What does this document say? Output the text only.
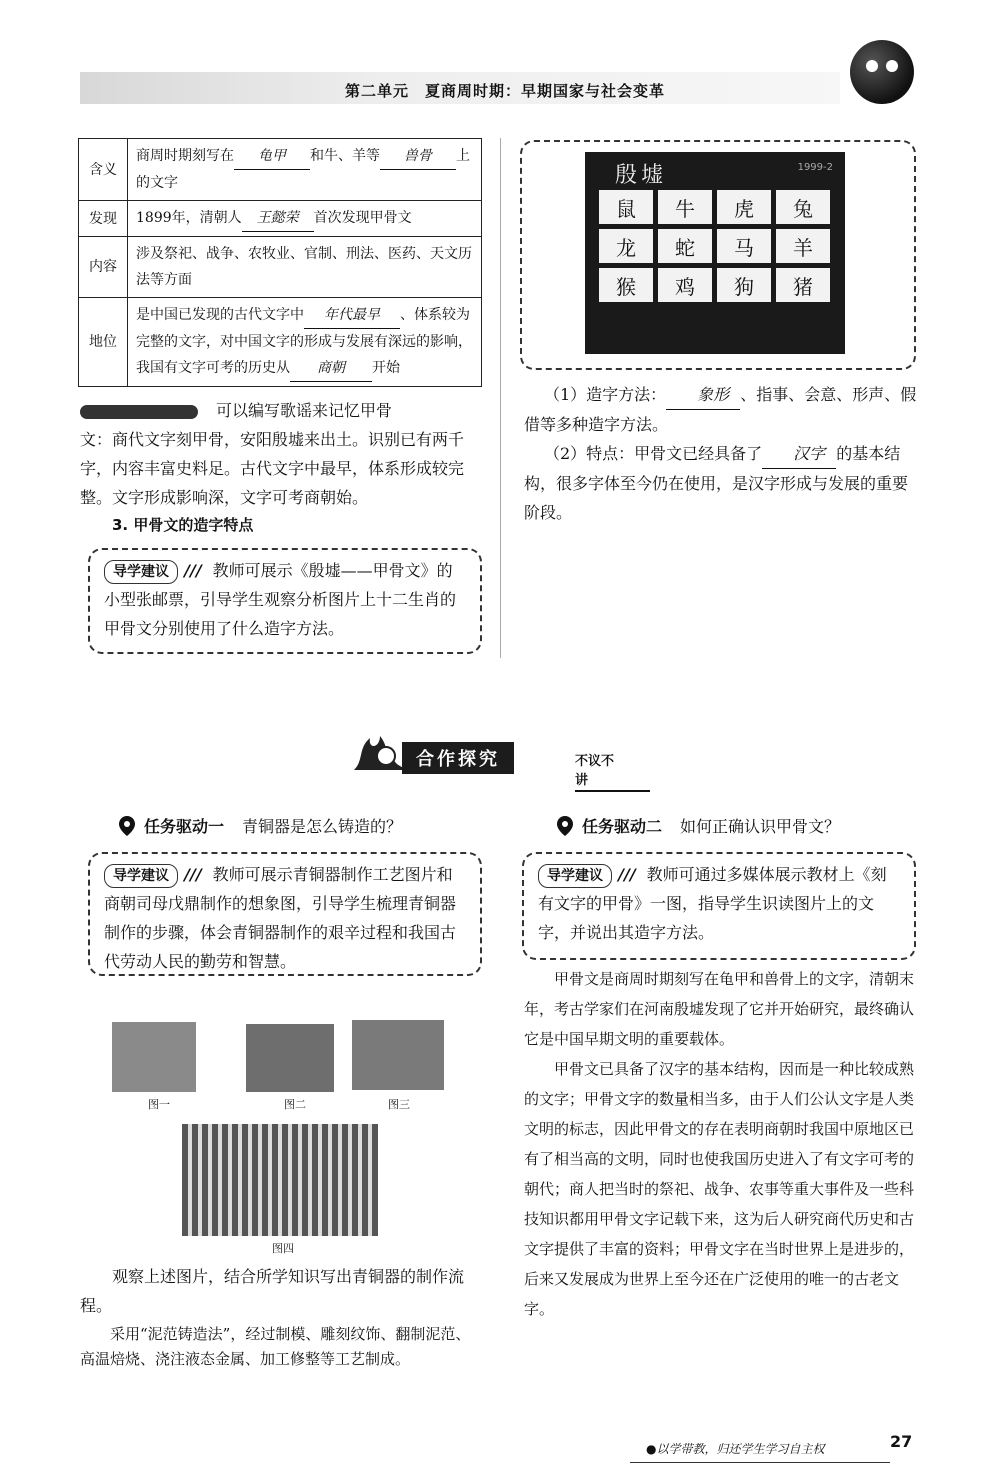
第二单元　夏商周时期：早期国家与社会变革
含义	商周时期刻写在 龟甲 和牛、羊等 兽骨 上的文字
发现	1899年，清朝人 王懿荣 首次发现甲骨文
内容	涉及祭祀、战争、农牧业、官制、刑法、医药、天文历法等方面
地位	是中国已发现的古代文字中 年代最早 、体系较为完整的文字，对中国文字的形成与发展有深远的影响，我国有文字可考的历史从 商朝 开始
可以编写歌谣来记忆甲骨
文：商代文字刻甲骨，安阳殷墟来出土。识别已有两千字，内容丰富史料足。古代文字中最早，体系形成较完整。文字形成影响深，文字可考商朝始。
3. 甲骨文的造字特点
导学建议 /// 教师可展示《殷墟——甲骨文》的小型张邮票，引导学生观察分析图片上十二生肖的甲骨文分别使用了什么造字方法。
殷墟	1999-2
鼠	牛	虎	兔
龙	蛇	马	羊
猴	鸡	狗	猪
（1）造字方法： 象形 、指事、会意、形声、假借等多种造字方法。
（2）特点：甲骨文已经具备了 汉字 的基本结构，很多字体至今仍在使用，是汉字形成与发展的重要阶段。
合作探究	不议不讲
任务驱动一 青铜器是怎么铸造的？
导学建议 /// 教师可展示青铜器制作工艺图片和商朝司母戊鼎制作的想象图，引导学生梳理青铜器制作的步骤，体会青铜器制作的艰辛过程和我国古代劳动人民的勤劳和智慧。
图一	图二	图三
图四
观察上述图片，结合所学知识写出青铜器的制作流程。
采用“泥范铸造法”，经过制模、雕刻纹饰、翻制泥范、高温焙烧、浇注液态金属、加工修整等工艺制成。
任务驱动二 如何正确认识甲骨文？
导学建议 /// 教师可通过多媒体展示教材上《刻有文字的甲骨》一图，指导学生识读图片上的文字，并说出其造字方法。
甲骨文是商周时期刻写在龟甲和兽骨上的文字，清朝末年，考古学家们在河南殷墟发现了它并开始研究，最终确认它是中国早期文明的重要载体。
甲骨文已具备了汉字的基本结构，因而是一种比较成熟的文字；甲骨文字的数量相当多，由于人们公认文字是人类文明的标志，因此甲骨文的存在表明商朝时我国中原地区已有了相当高的文明，同时也使我国历史进入了有文字可考的朝代；商人把当时的祭祀、战争、农事等重大事件及一些科技知识都用甲骨文字记载下来，这为后人研究商代历史和古文字提供了丰富的资料；甲骨文字在当时世界上是进步的，后来又发展成为世界上至今还在广泛使用的唯一的古老文字。
●以学带教，归还学生学习自主权	27
